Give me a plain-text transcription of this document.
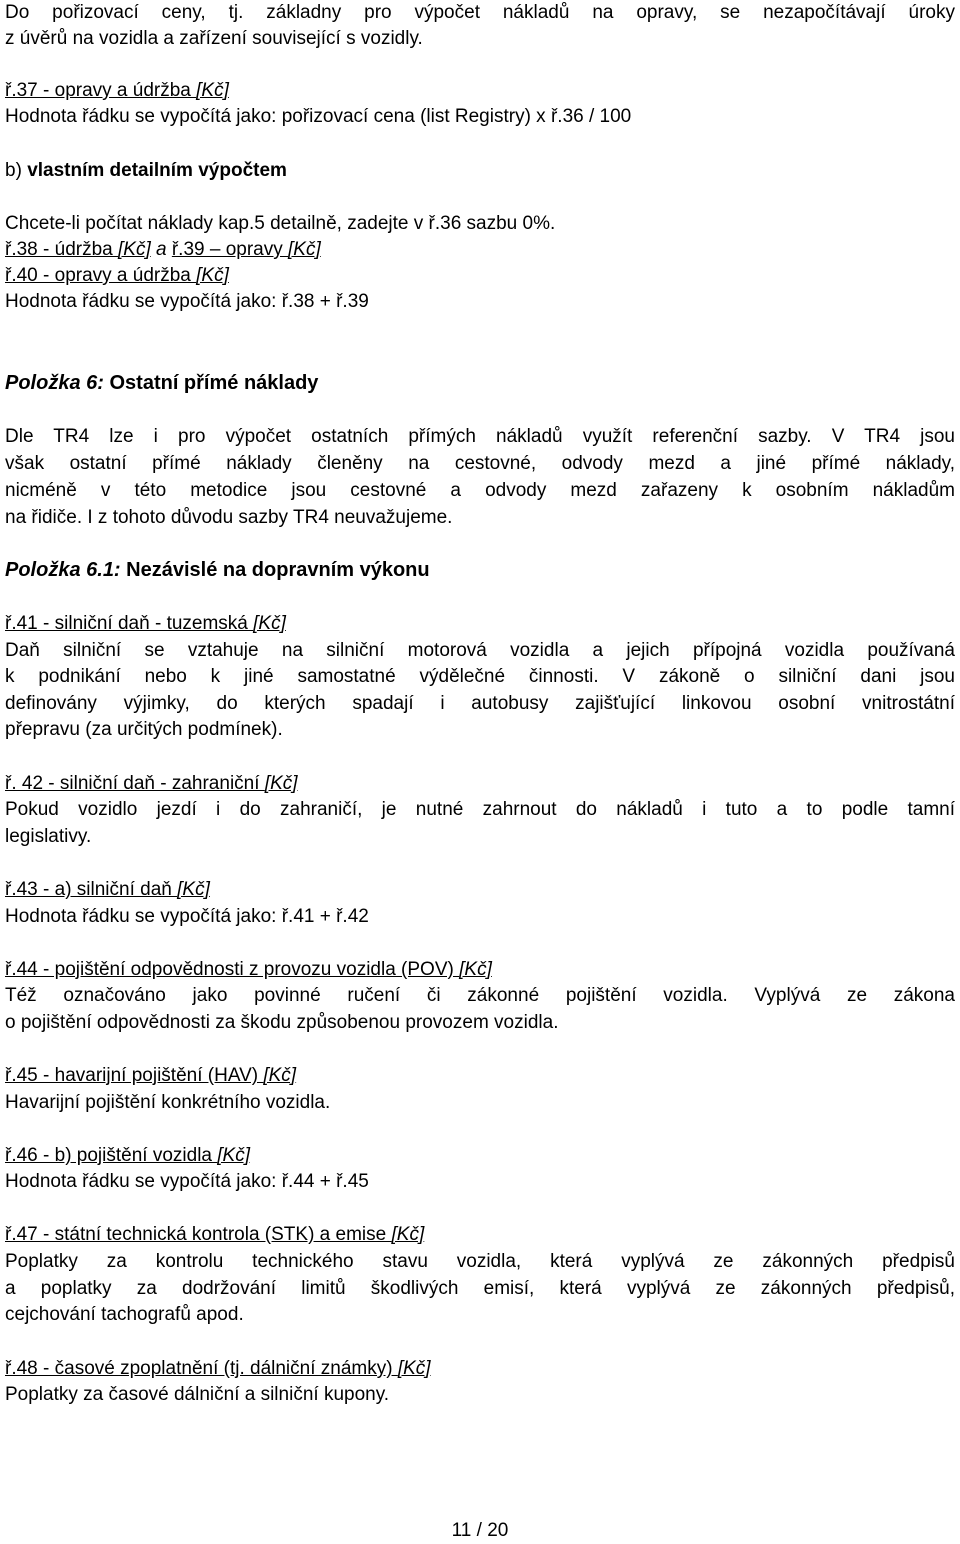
Do pořizovací ceny, tj. základny pro výpočet nákladů na opravy, se nezapočítávají úroky
z úvěrů na vozidla a zařízení související s vozidly.
ř.37 - opravy a údržba [Kč]
Hodnota řádku se vypočítá jako: pořizovací cena (list Registry) x ř.36 / 100
b) vlastním detailním výpočtem
Chcete-li počítat náklady kap.5 detailně, zadejte v ř.36 sazbu 0%.
ř.38 - údržba [Kč] a ř.39 – opravy [Kč]
ř.40 - opravy a údržba [Kč]
Hodnota řádku se vypočítá jako: ř.38 + ř.39
Položka 6: Ostatní přímé náklady
Dle TR4 lze i pro výpočet ostatních přímých nákladů využít referenční sazby. V TR4 jsou
však ostatní přímé náklady členěny na cestovné, odvody mezd a jiné přímé náklady,
nicméně v této metodice jsou cestovné a odvody mezd zařazeny k osobním nákladům
na řidiče. I z tohoto důvodu sazby TR4 neuvažujeme.
Položka 6.1: Nezávislé na dopravním výkonu
ř.41 - silniční daň - tuzemská [Kč]
Daň silniční se vztahuje na silniční motorová vozidla a jejich přípojná vozidla používaná
k podnikání nebo k jiné samostatné výdělečné činnosti. V zákoně o silniční dani jsou
definovány výjimky, do kterých spadají i autobusy zajišťující linkovou osobní vnitrostátní
přepravu (za určitých podmínek).
ř. 42 - silniční daň - zahraniční [Kč]
Pokud vozidlo jezdí i do zahraničí, je nutné zahrnout do nákladů i tuto a to podle tamní
legislativy.
ř.43 - a) silniční daň [Kč]
Hodnota řádku se vypočítá jako: ř.41 + ř.42
ř.44 - pojištění odpovědnosti z provozu vozidla (POV) [Kč]
Též označováno jako povinné ručení či zákonné pojištění vozidla. Vyplývá ze zákona
o pojištění odpovědnosti za škodu způsobenou provozem vozidla.
ř.45 - havarijní pojištění (HAV) [Kč]
Havarijní pojištění konkrétního vozidla.
ř.46 - b) pojištění vozidla [Kč]
Hodnota řádku se vypočítá jako: ř.44 + ř.45
ř.47 - státní technická kontrola (STK) a emise [Kč]
Poplatky za kontrolu technického stavu vozidla, která vyplývá ze zákonných předpisů
a poplatky za dodržování limitů škodlivých emisí, která vyplývá ze zákonných předpisů,
cejchování tachografů apod.
ř.48 - časové zpoplatnění (tj. dálniční známky) [Kč]
Poplatky za časové dálniční a silniční kupony.
11 / 20
